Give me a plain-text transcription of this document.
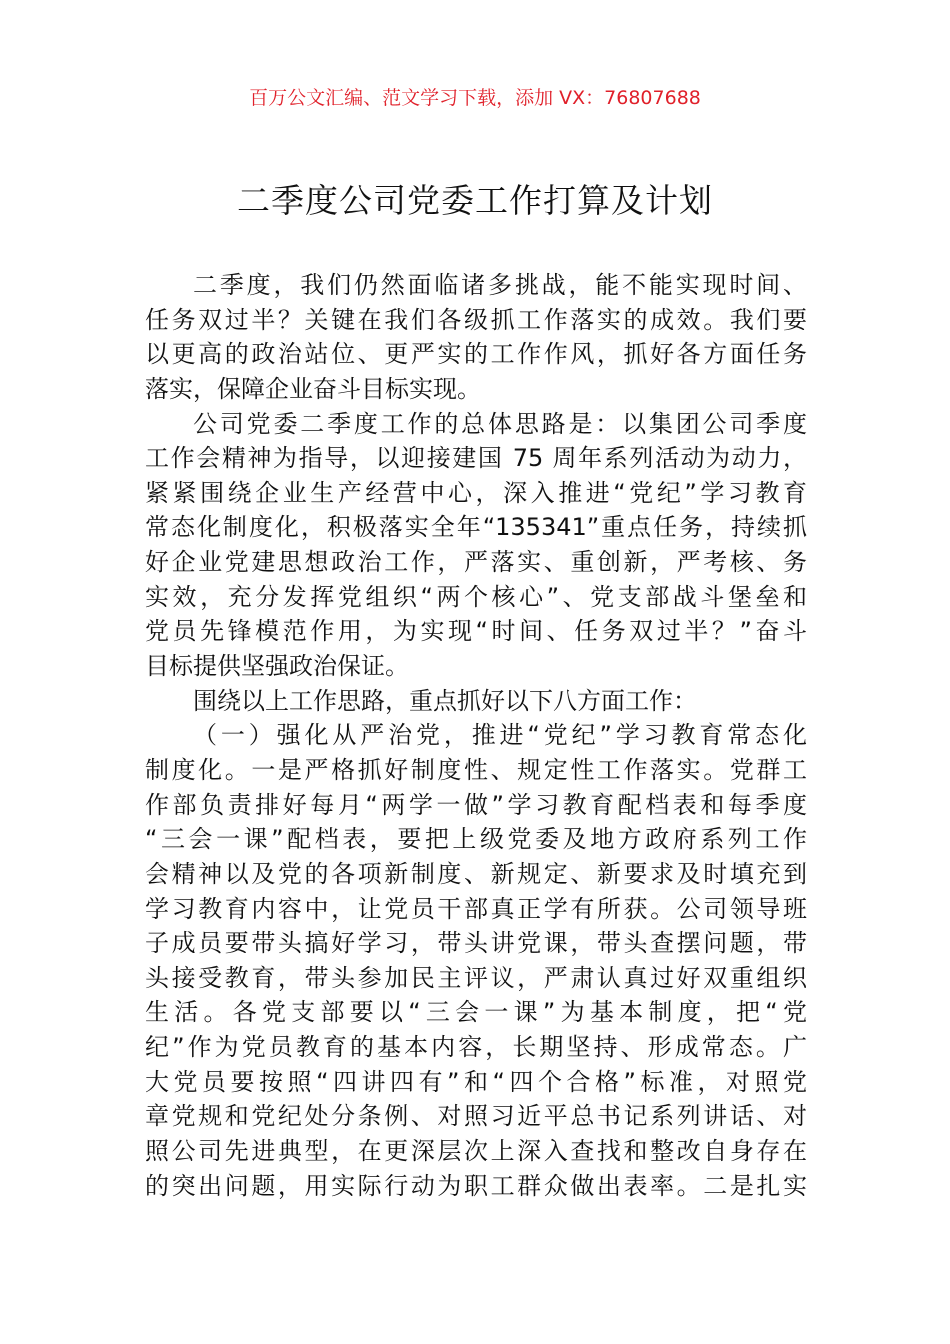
百万公文汇编、范文学习下载，添加 VX：76807688
二季度公司党委工作打算及计划
二季度，我们仍然面临诸多挑战，能不能实现时间、
任务双过半？关键在我们各级抓工作落实的成效。我们要
以更高的政治站位、更严实的工作作风，抓好各方面任务
落实，保障企业奋斗目标实现。
公司党委二季度工作的总体思路是：以集团公司季度
工作会精神为指导，以迎接建国 75 周年系列活动为动力，
紧紧围绕企业生产经营中心，深入推进“党纪”学习教育
常态化制度化，积极落实全年“135341”重点任务，持续抓
好企业党建思想政治工作，严落实、重创新，严考核、务
实效，充分发挥党组织“两个核心”、党支部战斗堡垒和
党员先锋模范作用，为实现“时间、任务双过半？”奋斗
目标提供坚强政治保证。
围绕以上工作思路，重点抓好以下八方面工作：
（一）强化从严治党，推进“党纪”学习教育常态化
制度化。一是严格抓好制度性、规定性工作落实。党群工
作部负责排好每月“两学一做”学习教育配档表和每季度
“三会一课”配档表，要把上级党委及地方政府系列工作
会精神以及党的各项新制度、新规定、新要求及时填充到
学习教育内容中，让党员干部真正学有所获。公司领导班
子成员要带头搞好学习，带头讲党课，带头查摆问题，带
头接受教育，带头参加民主评议，严肃认真过好双重组织
生活。各党支部要以“三会一课”为基本制度，把“党
纪”作为党员教育的基本内容，长期坚持、形成常态。广
大党员要按照“四讲四有”和“四个合格”标准，对照党
章党规和党纪处分条例、对照习近平总书记系列讲话、对
照公司先进典型，在更深层次上深入查找和整改自身存在
的突出问题，用实际行动为职工群众做出表率。二是扎实
